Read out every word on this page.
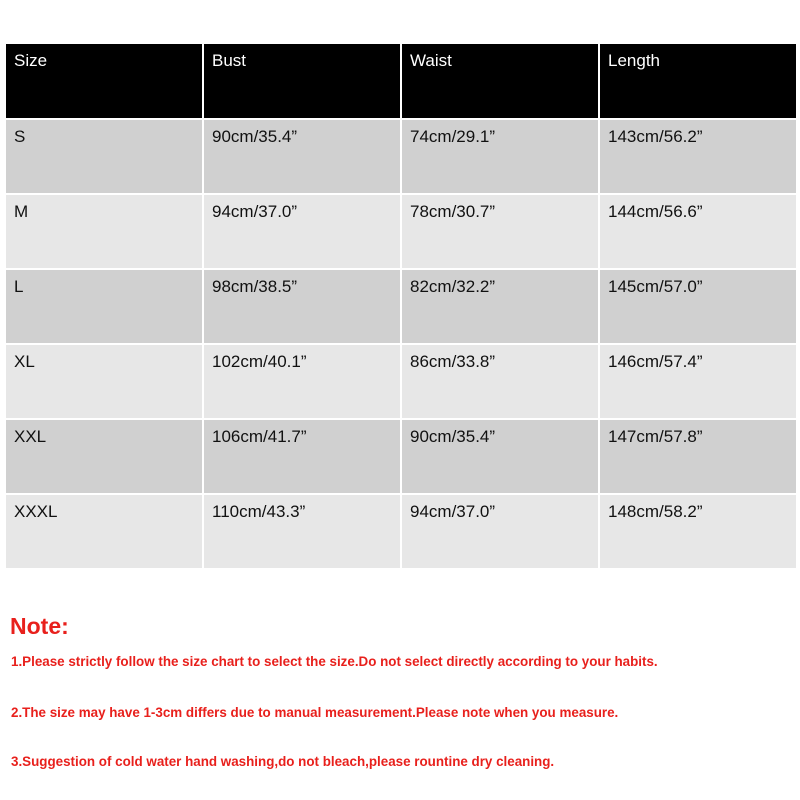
Size	Bust	Waist	Length
S	90cm/35.4”	74cm/29.1”	143cm/56.2”
M	94cm/37.0”	78cm/30.7”	144cm/56.6”
L	98cm/38.5”	82cm/32.2”	145cm/57.0”
XL	102cm/40.1”	86cm/33.8”	146cm/57.4”
XXL	106cm/41.7”	90cm/35.4”	147cm/57.8”
XXXL	110cm/43.3”	94cm/37.0”	148cm/58.2”
Note:

1.Please strictly follow the size chart to select the size.Do not select directly according to your habits.

2.The size may have 1-3cm differs due to manual measurement.Please note when you measure.

3.Suggestion of cold water hand washing,do not bleach,please rountine dry cleaning.
